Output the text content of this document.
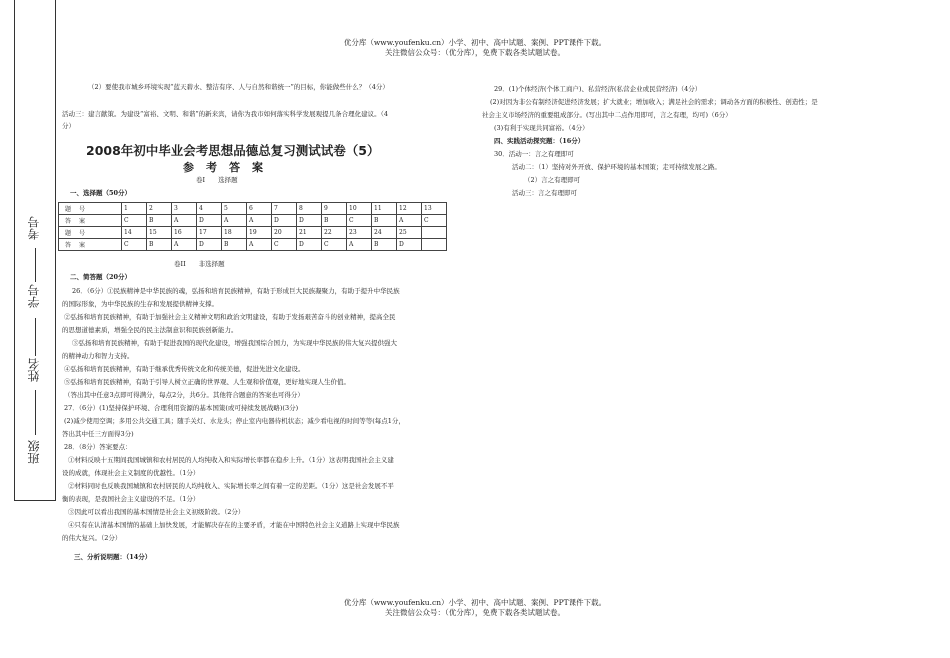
优分库（www.youfenku.cn）小学、初中、高中试题、案例、PPT课件下载。
关注微信公众号：（优分库），免费下载各类试题试卷。
班级
姓名
学号
考号
（2）要使我市城乡环境实现“蓝天碧水、整洁有序、人与自然和谐统一”的目标，你能做些什么？（4分）
活动三：建言献策。为建设“富裕、文明、和谐”的新来宾，请你为我市如何落实科学发展观提几条合理化建议。（4
分）
2008年初中毕业会考思想品德总复习测试试卷（5）
参考答案
卷Ⅰ　　选择题
一、选择题（50分）
题号	1	2	3	4	5	6	7	8	9	10	11	12	13
答案	C	B	A	D	A	A	D	D	B	C	B	A	C
题号	14	15	16	17	18	19	20	21	22	23	24	25	
答案	C	B	A	D	B	A	C	D	C	A	B	D	
卷II　　非选择题
二、简答题（20分）
26．（6分）①民族精神是中华民族的魂，弘扬和培育民族精神，有助于形成巨大民族凝聚力，有助于提升中华民族
的国际形象，为中华民族的生存和发展提供精神支撑。
②弘扬和培育民族精神，有助于加强社会主义精神文明和政治文明建设，有助于发扬艰苦奋斗的创业精神，提高全民
的思想道德素质，增强全民的民主法制意识和民族创新能力。
③弘扬和培育民族精神，有助于促进我国的现代化建设，增强我国综合国力，为实现中华民族的伟大复兴提供强大
的精神动力和智力支持。
④弘扬和培育民族精神，有助于继承优秀传统文化和传统美德，促进先进文化建设。
⑤弘扬和培育民族精神，有助于引导人树立正确的世界观、人生观和价值观，更好地实现人生价值。
（答出其中任意3点即可得满分，每点2分，共6分。其他符合题意的答案也可得分）
27．（6分）(1)坚持保护环境、合理利用资源的基本国策(或可持续发展战略)(3分)
(2)减少使用空调；多用公共交通工具；随手关灯、水龙头；停止室内电器待机状态；减少看电视的时间等等(每点1分，
答出其中任三方面得3分)
28．（8分）答案要点：
①材料反映十五期间我国城镇和农村居民的人均纯收入和实际增长率都在稳步上升。（1分）这表明我国社会主义建
设的成就，体现社会主义制度的优越性。（1分）
②材料同时也反映我国城镇和农村居民的人均纯收入、实际增长率之间有着一定的差距。（1分）这是社会发展不平
衡的表现，是我国社会主义建设的不足。（1分）
③因此可以看出我国的基本国情是社会主义初级阶段。（2分）
④只有在认清基本国情的基础上加快发展，才能解决存在的主要矛盾，才能在中国特色社会主义道路上实现中华民族
的伟大复兴。（2分）
三、分析说明题：（14分）
29．(1)个体经济(个体工商户)、私营经济(私营企业或民营经济)（4分）
(2)对因为非公有制经济促进经济发展；扩大就业；增加收入；满足社会的需求；调动各方面的积极性、创造性；是
社会主义市场经济的重要组成部分。(写出其中二点作用即可，言之有理，均可)（6分）
(3)有利于实现共同富裕。（4分）
四、实践活动探究题：（16分）
30．活动一：言之有理即可
活动二：（1）坚持对外开放、保护环境的基本国策；走可持续发展之路。
（2）言之有理即可
活动三：言之有理即可
优分库（www.youfenku.cn）小学、初中、高中试题、案例、PPT课件下载。
关注微信公众号：（优分库），免费下载各类试题试卷。
